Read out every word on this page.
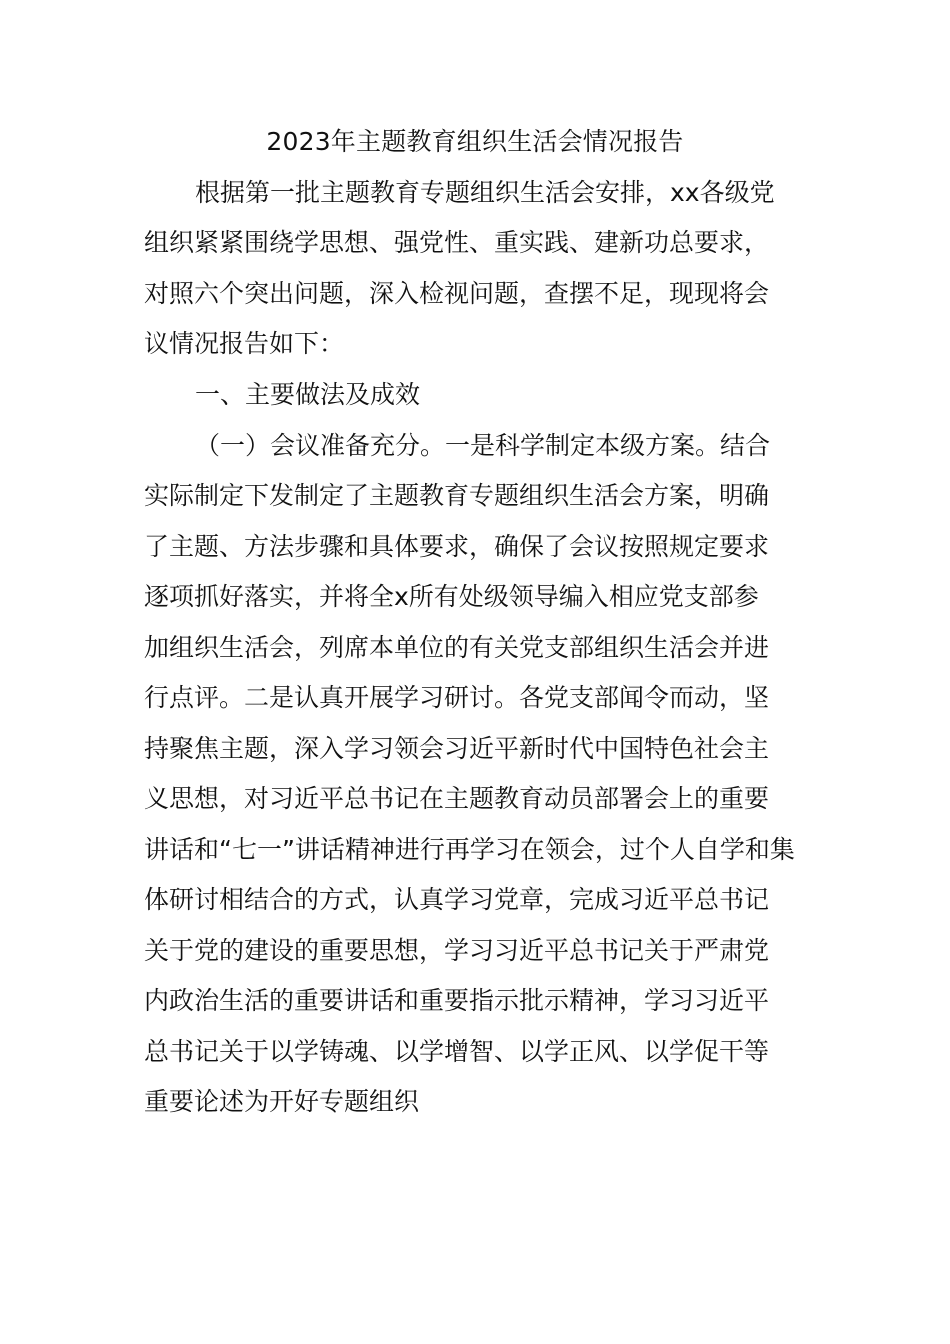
2023年主题教育组织生活会情况报告
根据第一批主题教育专题组织生活会安排，xx各级党
组织紧紧围绕学思想、强党性、重实践、建新功总要求，
对照六个突出问题，深入检视问题，查摆不足，现现将会
议情况报告如下：
一、主要做法及成效
（一）会议准备充分。一是科学制定本级方案。结合
实际制定下发制定了主题教育专题组织生活会方案，明确
了主题、方法步骤和具体要求，确保了会议按照规定要求
逐项抓好落实，并将全x所有处级领导编入相应党支部参
加组织生活会，列席本单位的有关党支部组织生活会并进
行点评。二是认真开展学习研讨。各党支部闻令而动，坚
持聚焦主题，深入学习领会习近平新时代中国特色社会主
义思想，对习近平总书记在主题教育动员部署会上的重要
讲话和“七一”讲话精神进行再学习在领会，过个人自学和集
体研讨相结合的方式，认真学习党章，完成习近平总书记
关于党的建设的重要思想，学习习近平总书记关于严肃党
内政治生活的重要讲话和重要指示批示精神，学习习近平
总书记关于以学铸魂、以学增智、以学正风、以学促干等
重要论述为开好专题组织
